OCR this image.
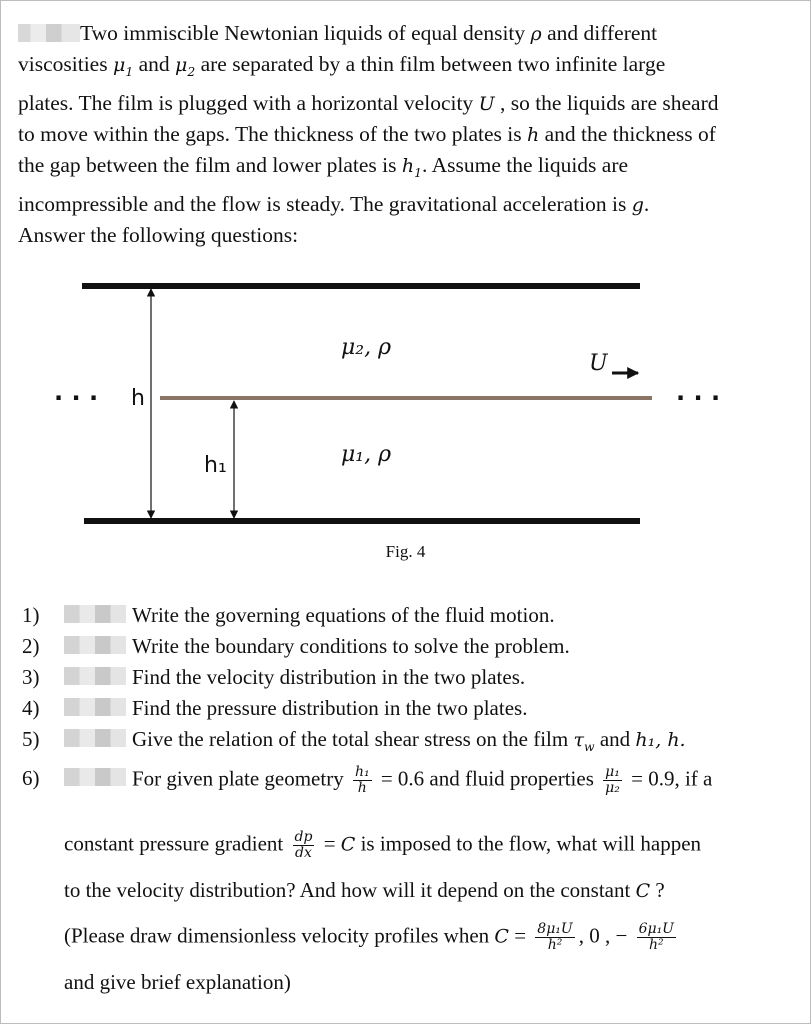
Two immiscible Newtonian liquids of equal density ρ and different
viscosities $\mu_1$ and $\mu_2$ are separated by a thin film between two infinite large
plates. The film is plugged with a horizontal velocity U , so the liquids are sheard
to move within the gaps. The thickness of the two plates is h and the thickness of
the gap between the film and lower plates is $h_1$. Assume the liquids are
incompressible and the flow is steady. The gravitational acceleration is g.
Answer the following questions:
· · ·	· · ·
h
h₁
μ₂, ρ
μ₁, ρ
U
Fig. 4
1)	Write the governing equations of the fluid motion.
2)	Write the boundary conditions to solve the problem.
3)	Find the velocity distribution in the two plates.
4)	Find the pressure distribution in the two plates.
5)	Give the relation of the total shear stress on the film $\tau_w$ and h₁, h.
6)	For given plate geometry $\frac{\text{h₁}}{h} = 0.6$ and fluid properties $\frac{\text{μ₁}}{\text{μ₂}} = 0.9$, if a
constant pressure gradient $\frac{dp}{dx} = C$ is imposed to the flow, what will happen
to the velocity distribution? And how will it depend on the constant C ?
(Please draw dimensionless velocity profiles when $C = \frac{\text{8μ₁U}}{\text{h²}}$ , 0 , − $\frac{\text{6μ₁U}}{\text{h²}}$
and give brief explanation)
